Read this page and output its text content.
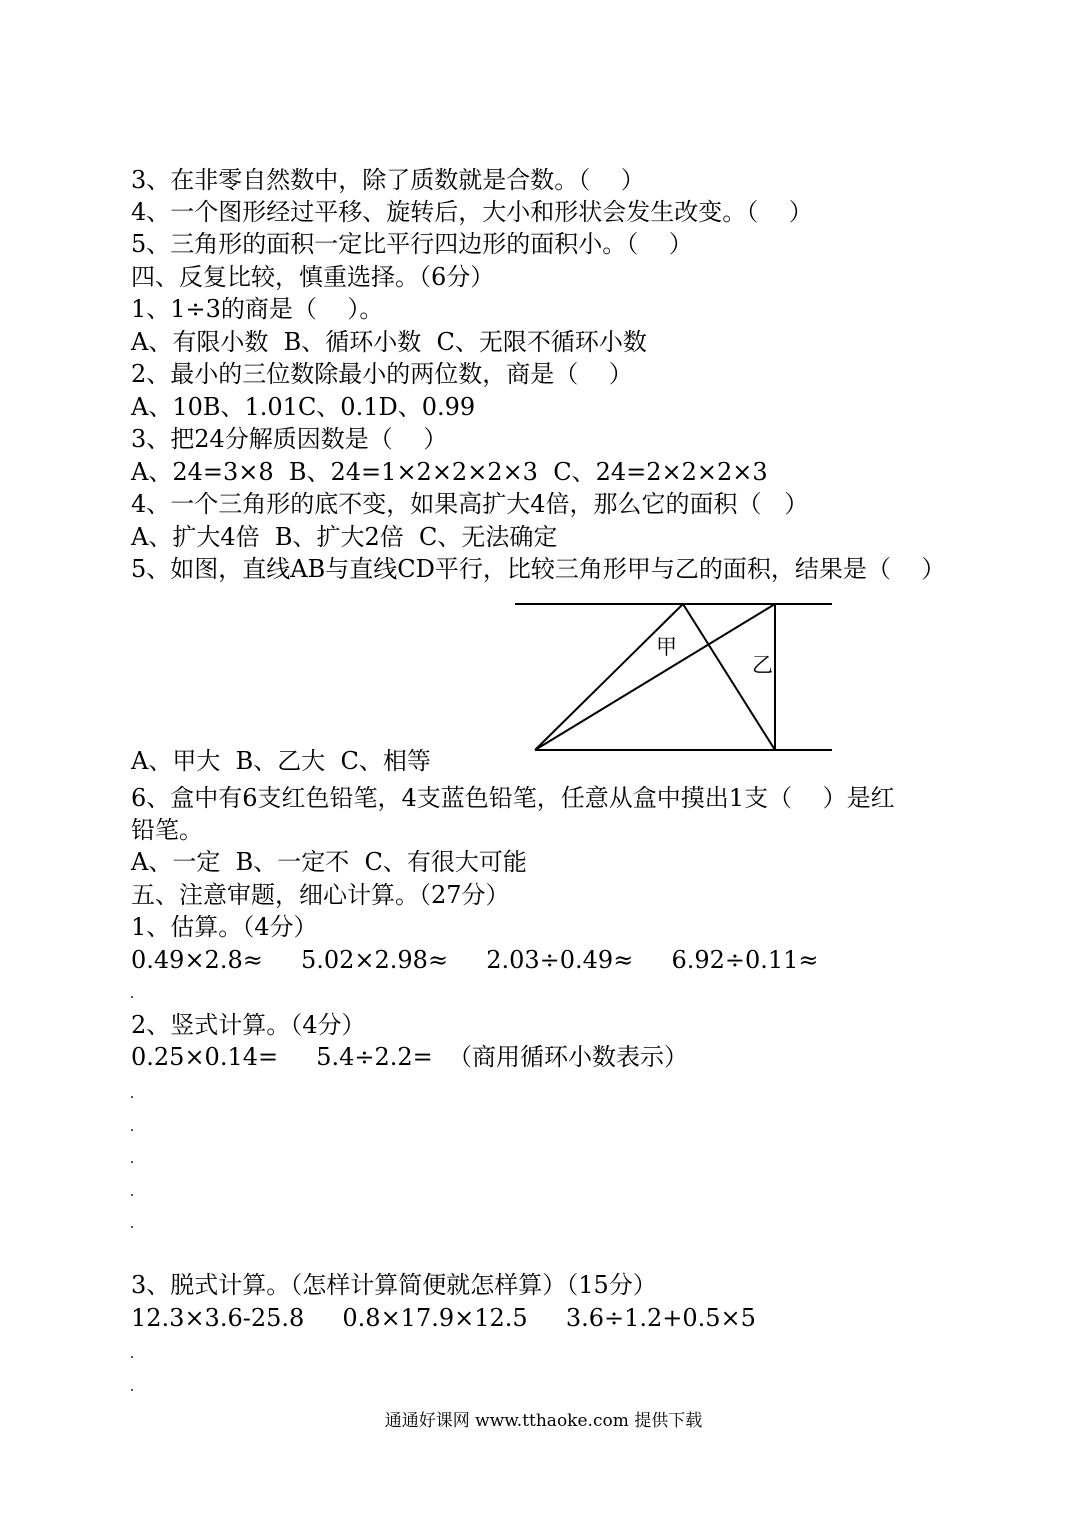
3、在非零自然数中，除了质数就是合数。（    ）
4、一个图形经过平移、旋转后，大小和形状会发生改变。（    ）
5、三角形的面积一定比平行四边形的面积小。（    ）
四、反复比较，慎重选择。（6分）
1、1÷3的商是（    ）。
A、有限小数  B、循环小数  C、无限不循环小数
2、最小的三位数除最小的两位数，商是（    ）
A、10B、1.01C、0.1D、0.99
3、把24分解质因数是（    ）
A、24=3×8  B、24=1×2×2×2×3  C、24=2×2×2×3
4、一个三角形的底不变，如果高扩大4倍，那么它的面积（   ）
A、扩大4倍  B、扩大2倍  C、无法确定
5、如图，直线AB与直线CD平行，比较三角形甲与乙的面积，结果是（    ）
甲
乙
A、甲大  B、乙大  C、相等
6、盒中有6支红色铅笔，4支蓝色铅笔，任意从盒中摸出1支（    ）是红
铅笔。
A、一定  B、一定不  C、有很大可能
五、注意审题，细心计算。（27分）
1、估算。（4分）
0.49×2.8≈     5.02×2.98≈     2.03÷0.49≈     6.92÷0.11≈
2、竖式计算。（4分）
0.25×0.14=     5.4÷2.2=  （商用循环小数表示）
3、脱式计算。（怎样计算简便就怎样算）（15分）
12.3×3.6-25.8     0.8×17.9×12.5     3.6÷1.2+0.5×5
通通好课网 www.tthaoke.com 提供下载
